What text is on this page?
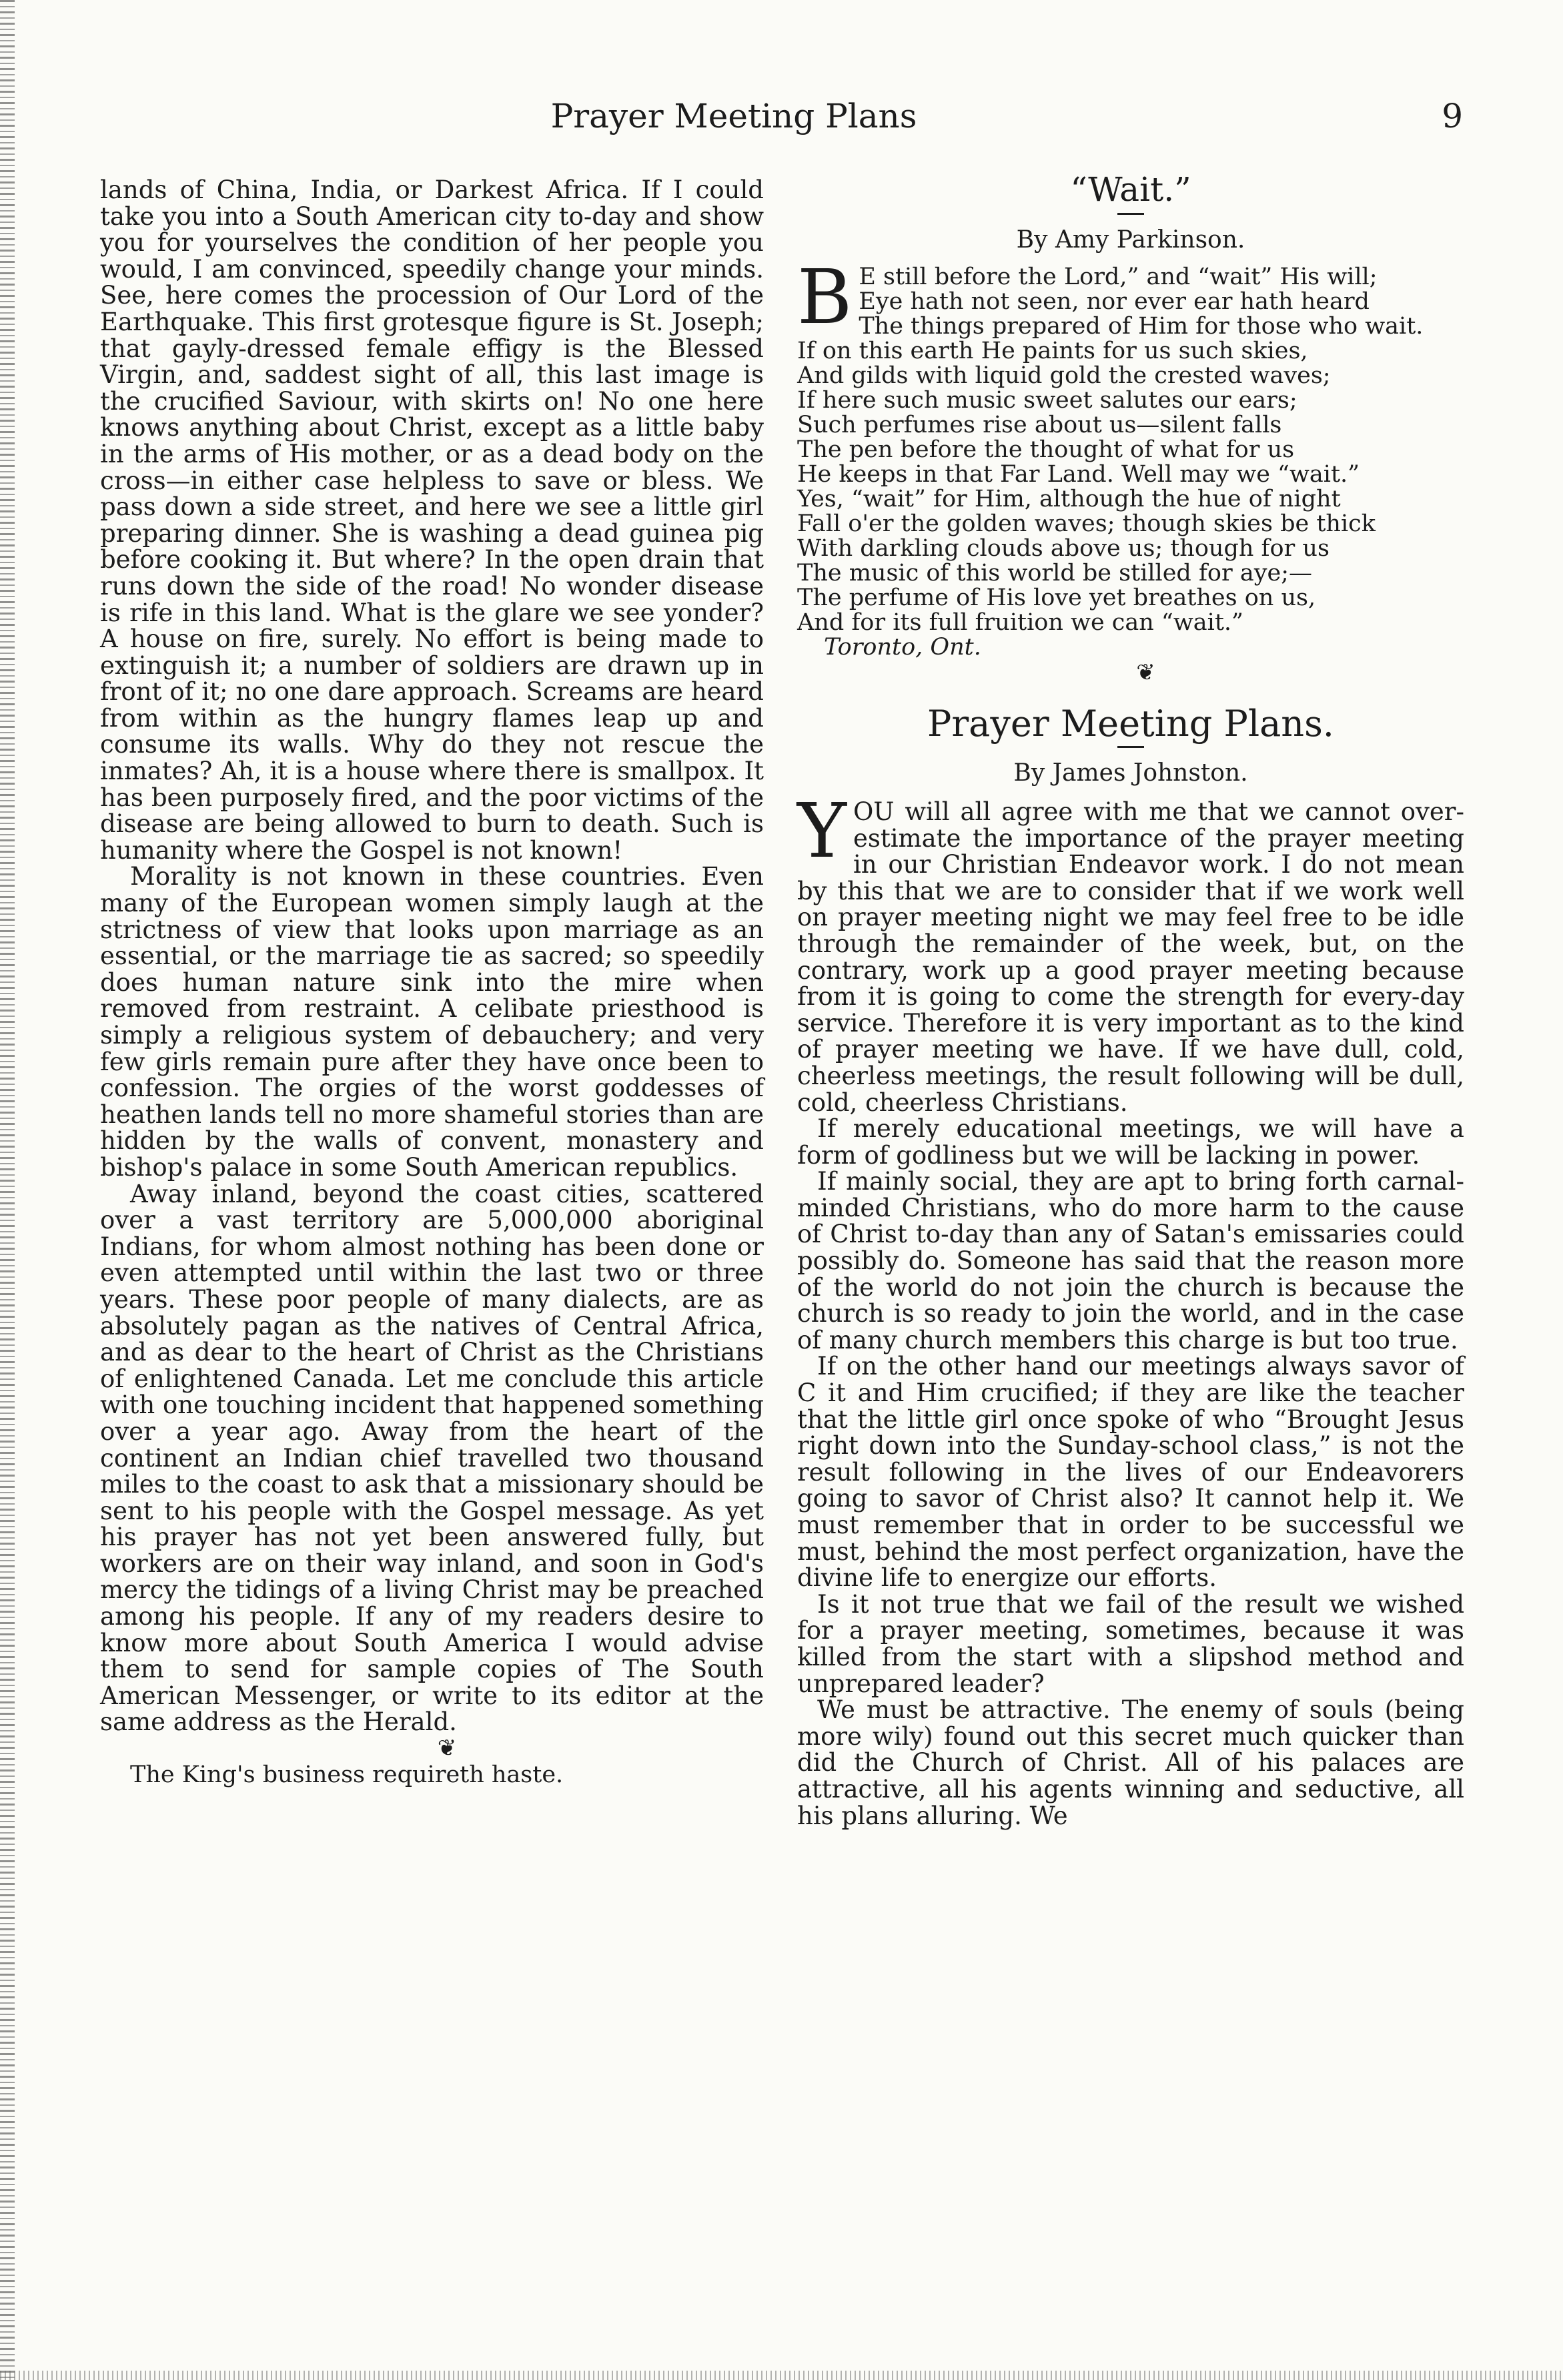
Prayer Meeting Plans	9

lands of China, India, or Darkest Africa. If I could take you into a South American city to-day and show you for yourselves the condition of her people you would, I am convinced, speedily change your minds. See, here comes the procession of Our Lord of the Earthquake. This first grotesque figure is St. Joseph; that gayly-dressed female effigy is the Blessed Virgin, and, saddest sight of all, this last image is the crucified Saviour, with skirts on! No one here knows anything about Christ, except as a little baby in the arms of His mother, or as a dead body on the cross—in either case helpless to save or bless. We pass down a side street, and here we see a little girl preparing dinner. She is washing a dead guinea pig before cooking it. But where? In the open drain that runs down the side of the road! No wonder disease is rife in this land. What is the glare we see yonder? A house on fire, surely. No effort is being made to extinguish it; a number of soldiers are drawn up in front of it; no one dare approach. Screams are heard from within as the hungry flames leap up and consume its walls. Why do they not rescue the inmates? Ah, it is a house where there is smallpox. It has been purposely fired, and the poor victims of the disease are being allowed to burn to death. Such is humanity where the Gospel is not known!

Morality is not known in these countries. Even many of the European women simply laugh at the strictness of view that looks upon marriage as an essential, or the marriage tie as sacred; so speedily does human nature sink into the mire when removed from restraint. A celibate priesthood is simply a religious system of debauchery; and very few girls remain pure after they have once been to confession. The orgies of the worst goddesses of heathen lands tell no more shameful stories than are hidden by the walls of convent, monastery and bishop's palace in some South American republics.

Away inland, beyond the coast cities, scattered over a vast territory are 5,000,000 aboriginal Indians, for whom almost nothing has been done or even attempted until within the last two or three years. These poor people of many dialects, are as absolutely pagan as the natives of Central Africa, and as dear to the heart of Christ as the Christians of enlightened Canada. Let me conclude this article with one touching incident that happened something over a year ago. Away from the heart of the continent an Indian chief travelled two thousand miles to the coast to ask that a missionary should be sent to his people with the Gospel message. As yet his prayer has not yet been answered fully, but workers are on their way inland, and soon in God's mercy the tidings of a living Christ may be preached among his people. If any of my readers desire to know more about South America I would advise them to send for sample copies of The South American Messenger, or write to its editor at the same address as the Herald.

❦

The King's business requireth haste.

“Wait.”
By Amy Parkinson.
B E still before the Lord,” and “wait” His will;
Eye hath not seen, nor ever ear hath heard
The things prepared of Him for those who wait.
If on this earth He paints for us such skies,
And gilds with liquid gold the crested waves;
If here such music sweet salutes our ears;
Such perfumes rise about us—silent falls
The pen before the thought of what for us
He keeps in that Far Land. Well may we “wait.”
Yes, “wait” for Him, although the hue of night
Fall o'er the golden waves; though skies be thick
With darkling clouds above us; though for us
The music of this world be stilled for aye;—
The perfume of His love yet breathes on us,
And for its full fruition we can “wait.”
Toronto, Ont.

❦

Prayer Meeting Plans.
By James Johnston.
Y OU will all agree with me that we cannot over-estimate the importance of the prayer meeting in our Christian Endeavor work. I do not mean by this that we are to consider that if we work well on prayer meeting night we may feel free to be idle through the remainder of the week, but, on the contrary, work up a good prayer meeting because from it is going to come the strength for every-day service. Therefore it is very important as to the kind of prayer meeting we have. If we have dull, cold, cheerless meetings, the result following will be dull, cold, cheerless Christians.

If merely educational meetings, we will have a form of godliness but we will be lacking in power.

If mainly social, they are apt to bring forth carnal-minded Christians, who do more harm to the cause of Christ to-day than any of Satan's emissaries could possibly do. Someone has said that the reason more of the world do not join the church is because the church is so ready to join the world, and in the case of many church members this charge is but too true.

If on the other hand our meetings always savor of C it and Him crucified; if they are like the teacher that the little girl once spoke of who “Brought Jesus right down into the Sunday-school class,” is not the result following in the lives of our Endeavorers going to savor of Christ also? It cannot help it. We must remember that in order to be successful we must, behind the most perfect organization, have the divine life to energize our efforts.

Is it not true that we fail of the result we wished for a prayer meeting, sometimes, because it was killed from the start with a slipshod method and unprepared leader?

We must be attractive. The enemy of souls (being more wily) found out this secret much quicker than did the Church of Christ. All of his palaces are attractive, all his agents winning and seductive, all his plans alluring. We
